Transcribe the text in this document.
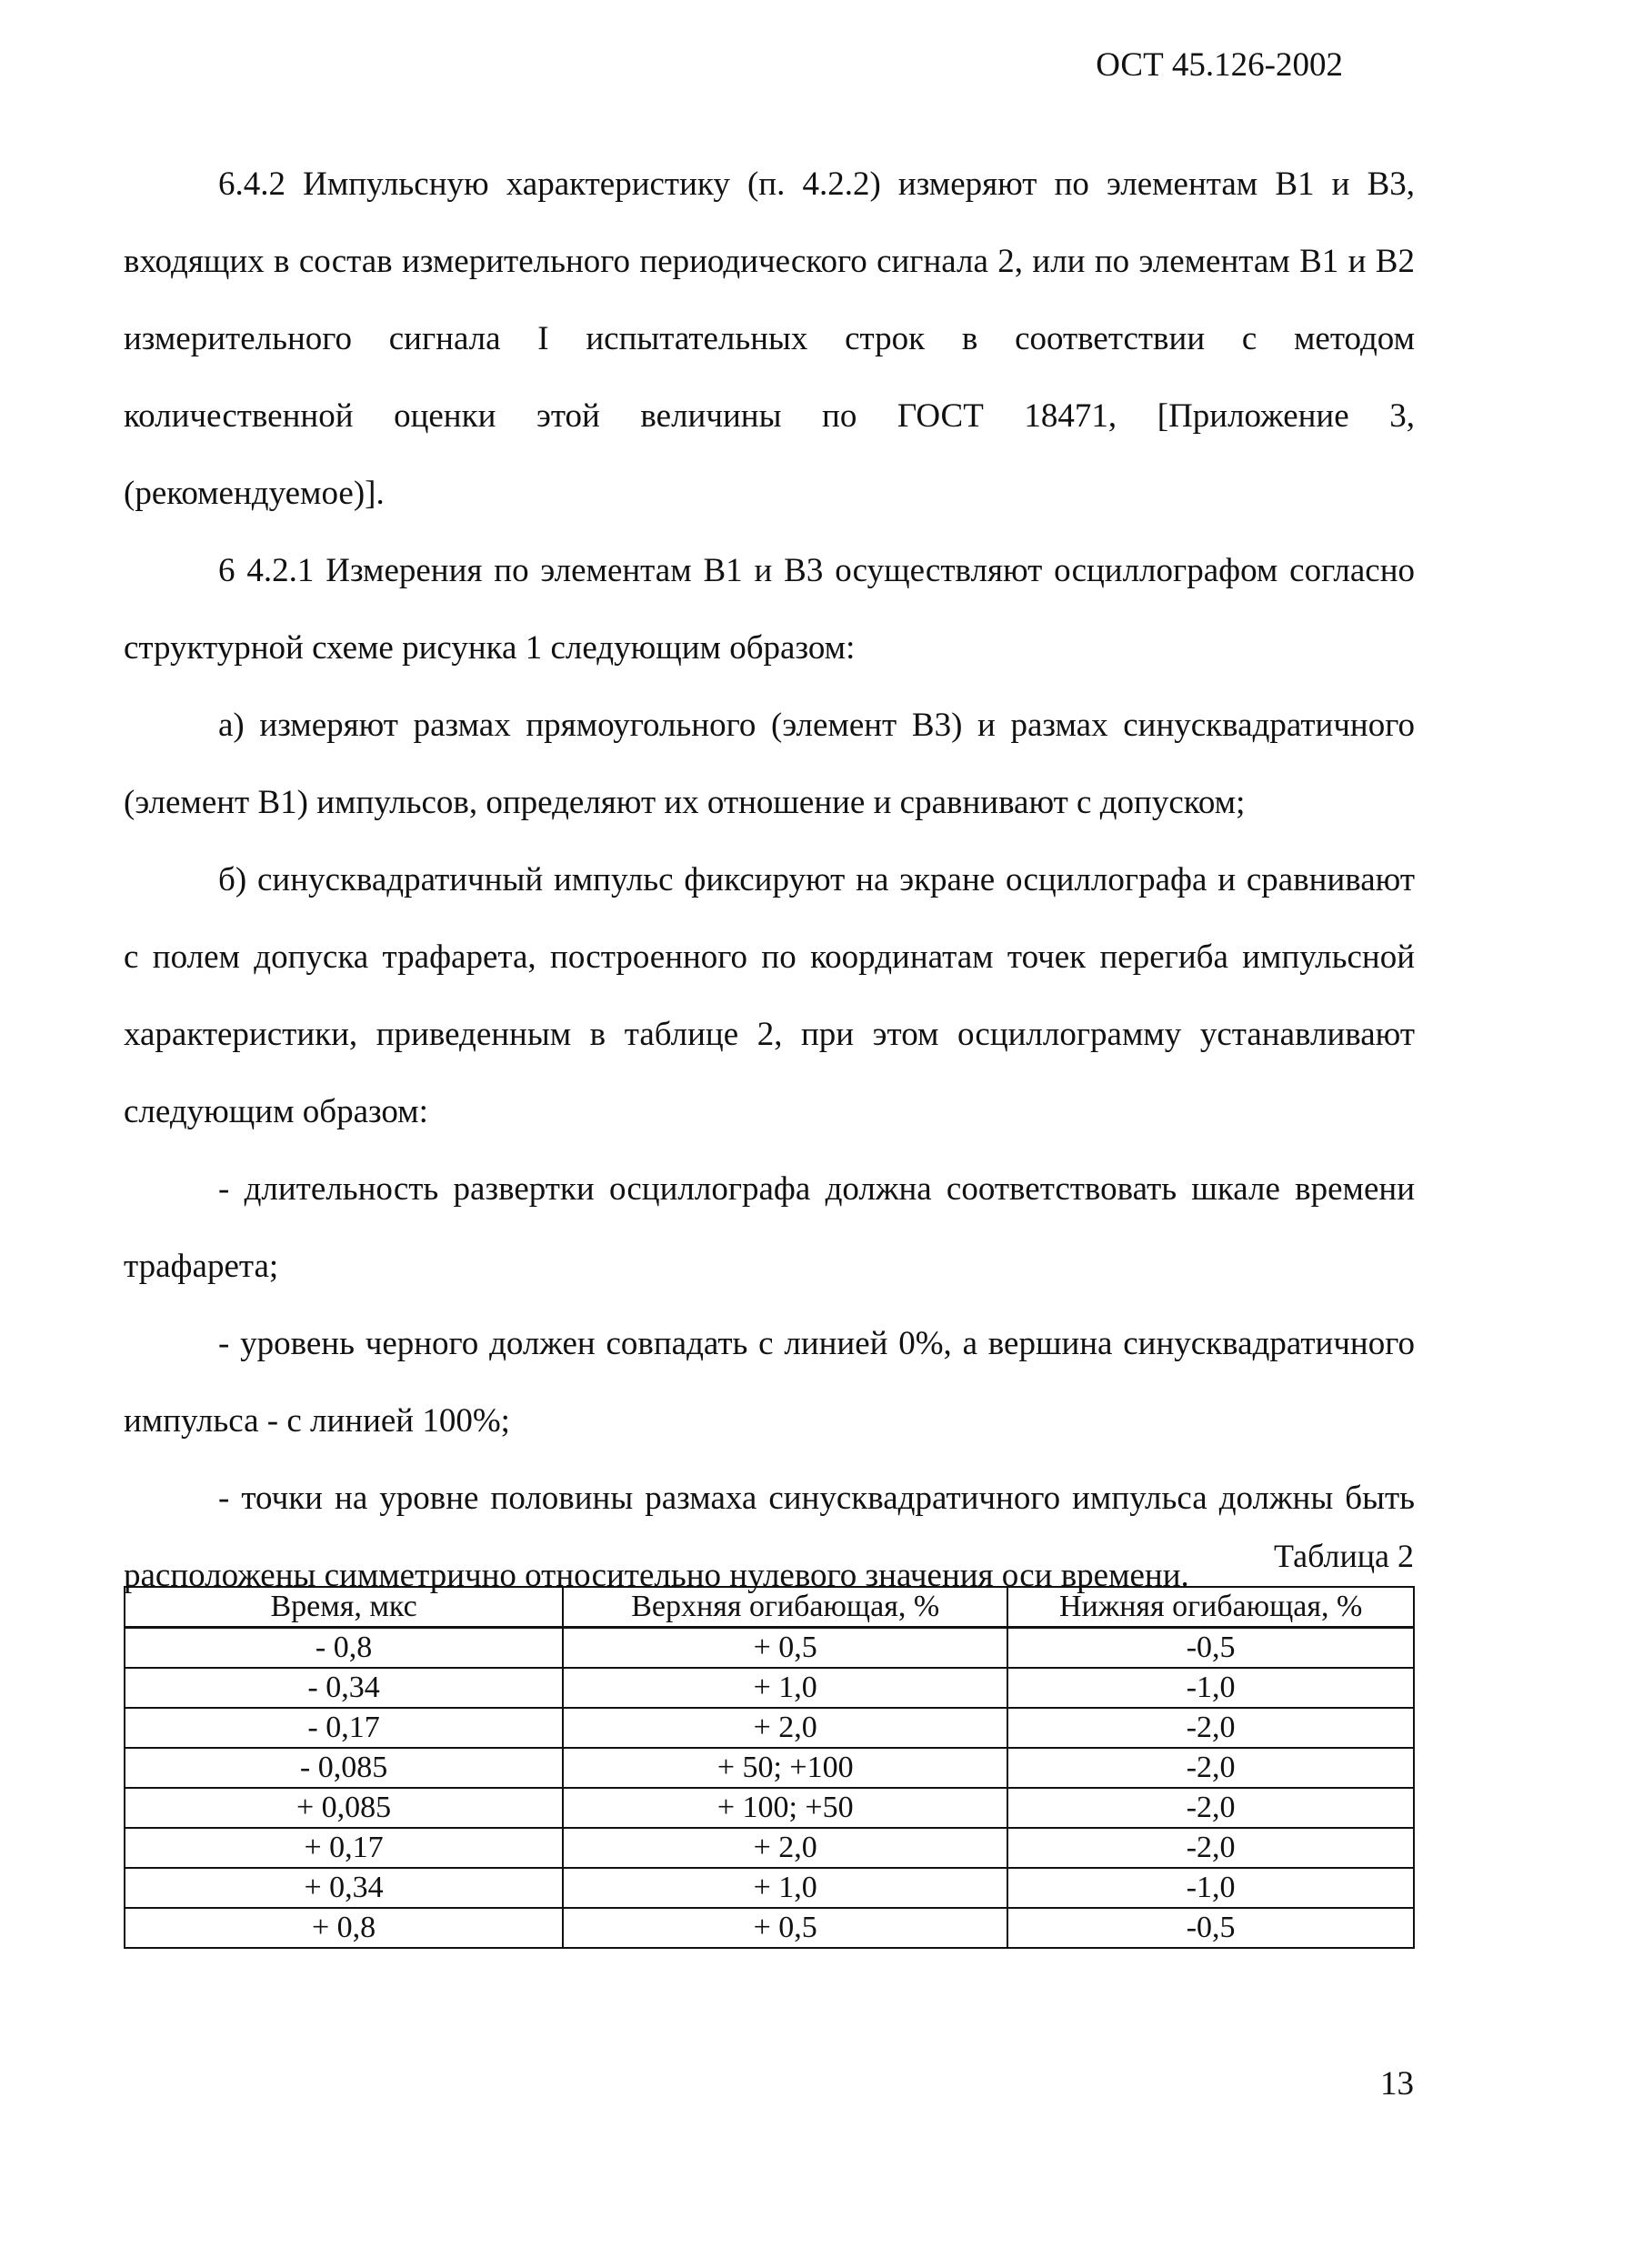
ОСТ 45.126-2002

6.4.2 Импульсную характеристику (п. 4.2.2) измеряют по элементам В1 и В3, входящих в состав измерительного периодического сигнала 2, или по элементам В1 и В2 измерительного сигнала I испытательных строк в соответствии с методом количественной оценки этой величины по ГОСТ 18471, [Приложение 3, (рекомендуемое)].

6 4.2.1 Измерения по элементам В1 и В3 осуществляют осциллографом согласно структурной схеме рисунка 1 следующим образом:

а) измеряют размах прямоугольного (элемент В3) и размах синусквадратичного (элемент В1) импульсов, определяют их отношение и сравнивают с допуском;

б) синусквадратичный импульс фиксируют на экране осциллографа и сравнивают с полем допуска трафарета, построенного по координатам точек перегиба импульсной характеристики, приведенным в таблице 2, при этом осциллограмму устанавливают следующим образом:

- длительность развертки осциллографа должна соответствовать шкале времени трафарета;

- уровень черного должен совпадать с линией 0%, а вершина синусквадратичного импульса - с линией 100%;

- точки на уровне половины размаха синусквадратичного импульса должны быть расположены симметрично относительно нулевого значения оси времени.

Таблица 2
Время, мкс	Верхняя огибающая, %	Нижняя огибающая, %
- 0,8	+ 0,5	-0,5
- 0,34	+ 1,0	-1,0
- 0,17	+ 2,0	-2,0
- 0,085	+ 50; +100	-2,0
+ 0,085	+ 100; +50	-2,0
+ 0,17	+ 2,0	-2,0
+ 0,34	+ 1,0	-1,0
+ 0,8	+ 0,5	-0,5
13
